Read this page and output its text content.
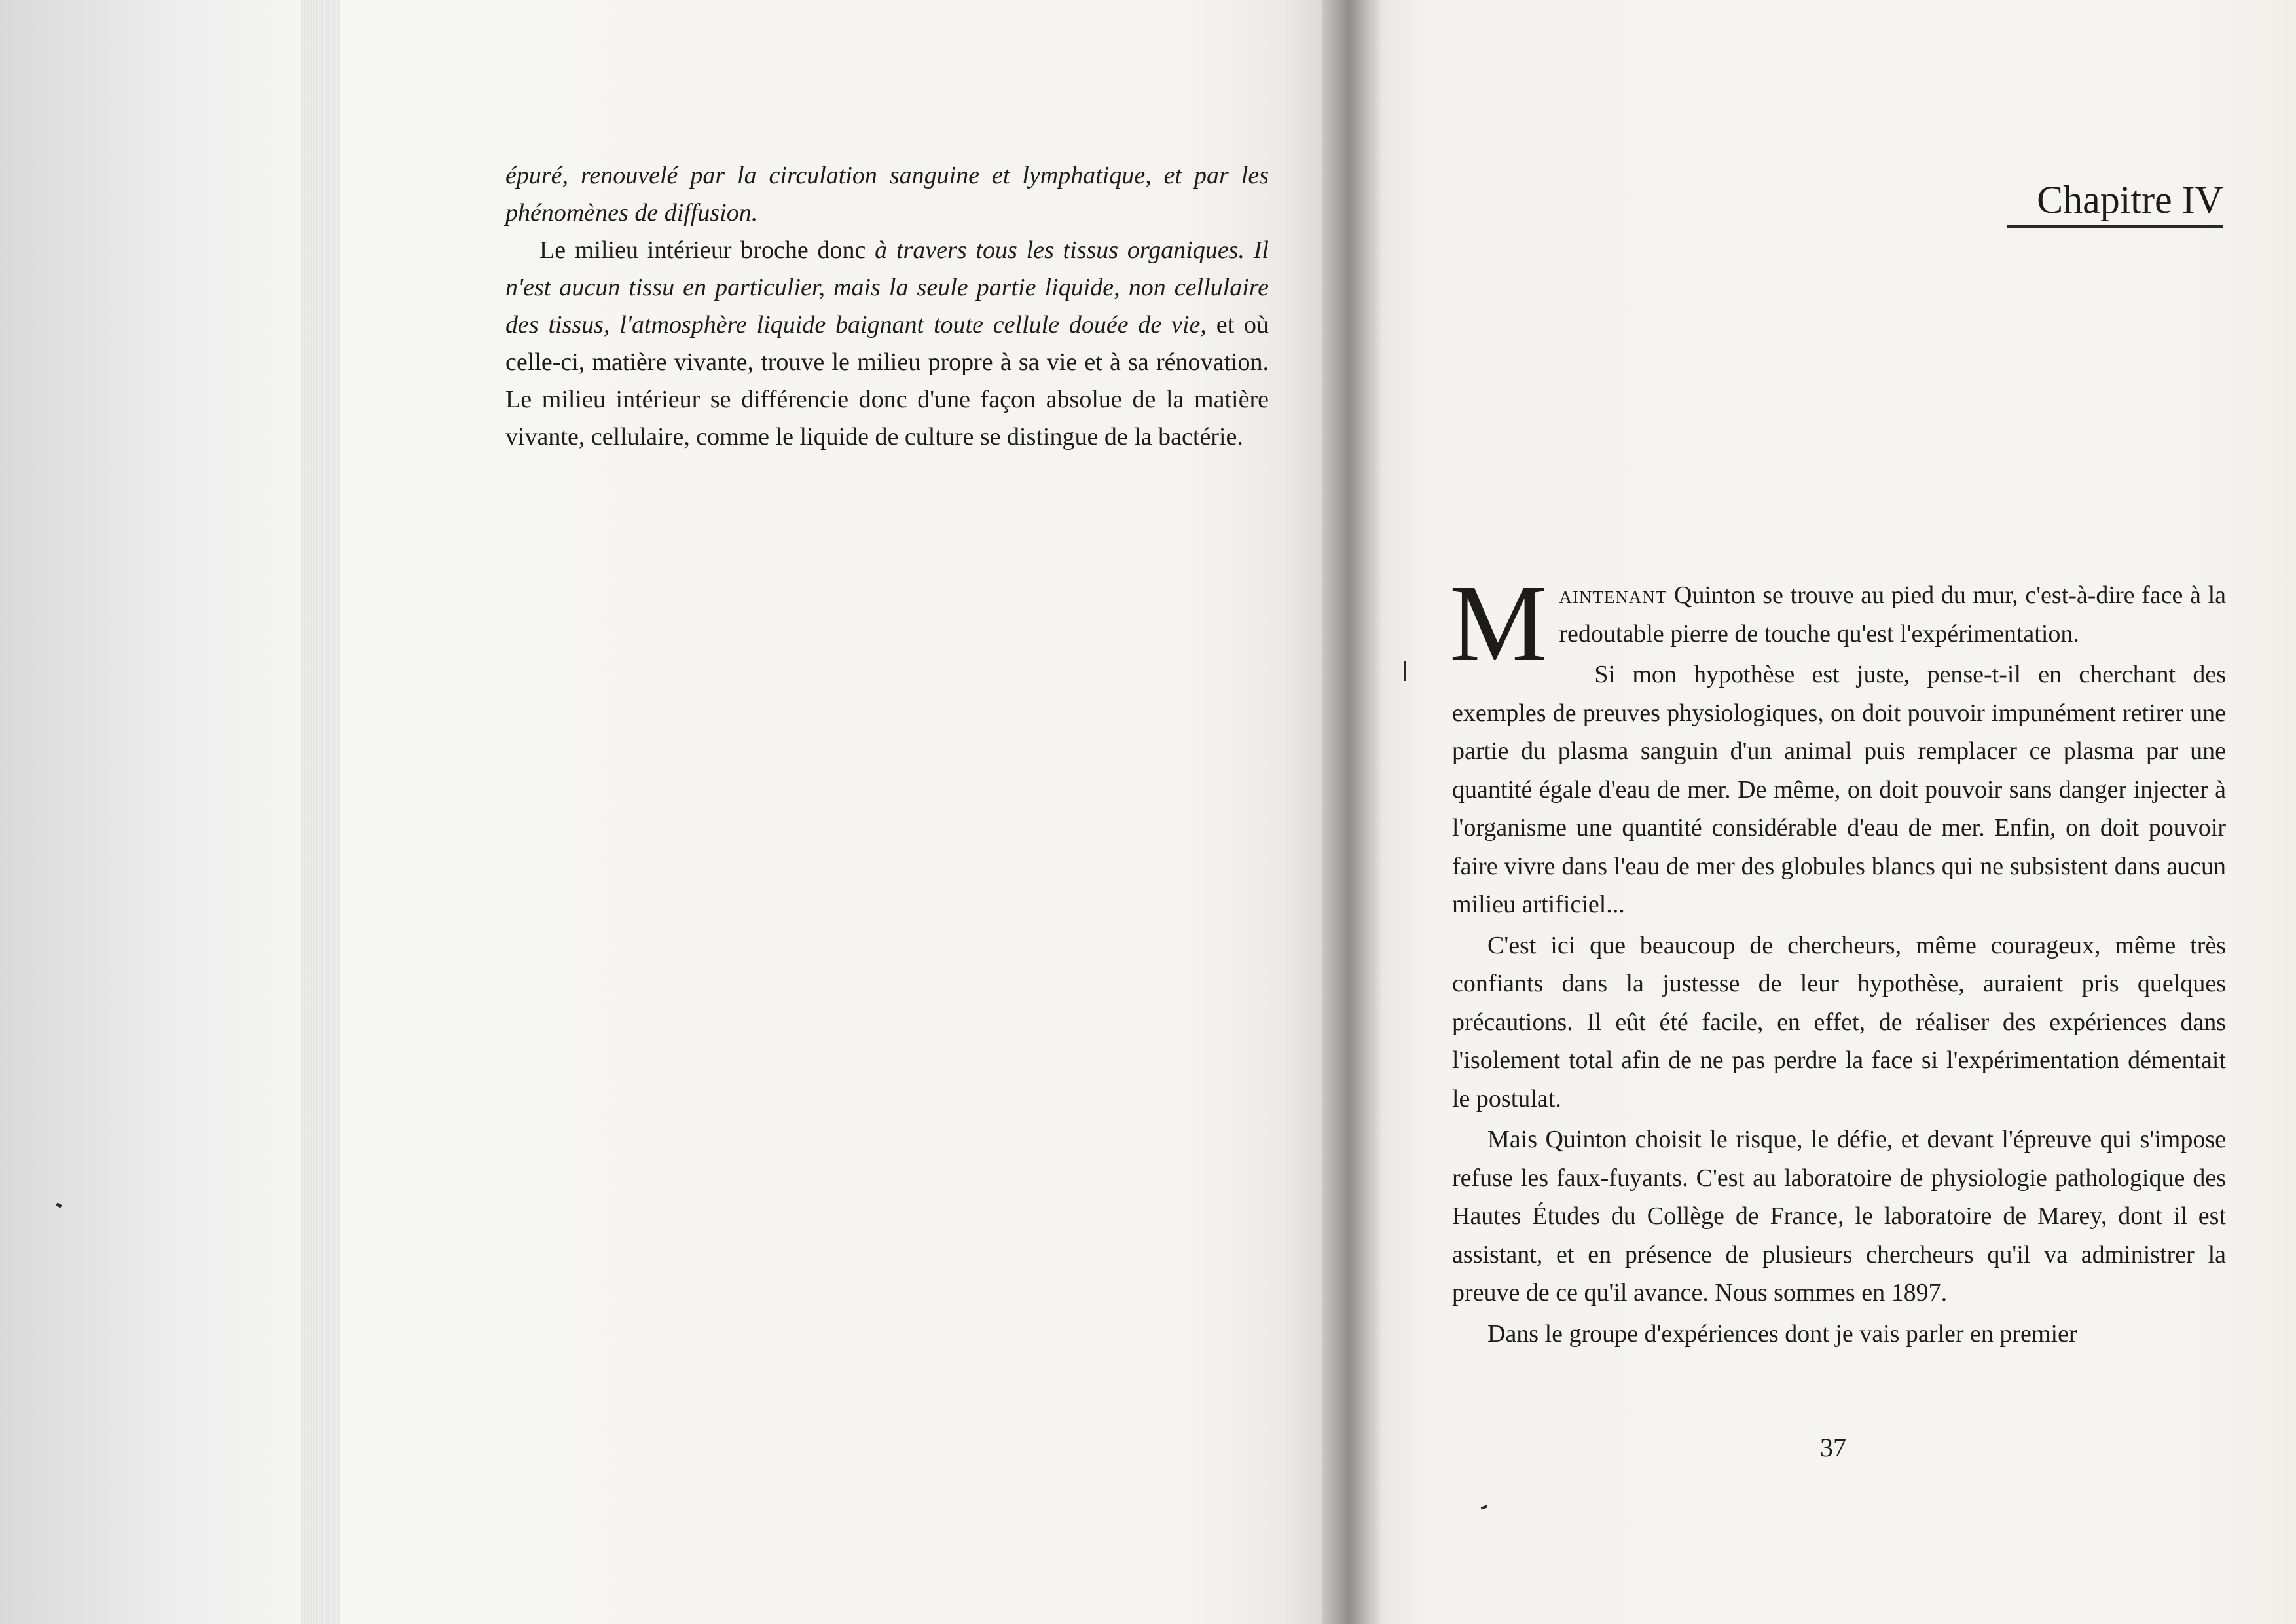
épuré, renouvelé par la circulation sanguine et lymphatique, et par les phénomènes de diffusion.

Le milieu intérieur broche donc à travers tous les tissus organiques. Il n'est aucun tissu en particulier, mais la seule partie liquide, non cellulaire des tissus, l'atmosphère liquide baignant toute cellule douée de vie, et où celle-ci, matière vivante, trouve le milieu propre à sa vie et à sa rénovation. Le milieu intérieur se différencie donc d'une façon absolue de la matière vivante, cellulaire, comme le liquide de culture se distingue de la bactérie.

Chapitre IV

Maintenant Quinton se trouve au pied du mur, c'est-à-dire face à la redoutable pierre de touche qu'est l'expérimentation.

Si mon hypothèse est juste, pense-t-il en cherchant des exemples de preuves physiologiques, on doit pouvoir impunément retirer une partie du plasma sanguin d'un animal puis remplacer ce plasma par une quantité égale d'eau de mer. De même, on doit pouvoir sans danger injecter à l'organisme une quantité considérable d'eau de mer. Enfin, on doit pouvoir faire vivre dans l'eau de mer des globules blancs qui ne subsistent dans aucun milieu artificiel...

C'est ici que beaucoup de chercheurs, même courageux, même très confiants dans la justesse de leur hypothèse, auraient pris quelques précautions. Il eût été facile, en effet, de réaliser des expériences dans l'isolement total afin de ne pas perdre la face si l'expérimentation démentait le postulat.

Mais Quinton choisit le risque, le défie, et devant l'épreuve qui s'impose refuse les faux-fuyants. C'est au laboratoire de physiologie pathologique des Hautes Études du Collège de France, le laboratoire de Marey, dont il est assistant, et en présence de plusieurs chercheurs qu'il va administrer la preuve de ce qu'il avance. Nous sommes en 1897.

Dans le groupe d'expériences dont je vais parler en premier

37
